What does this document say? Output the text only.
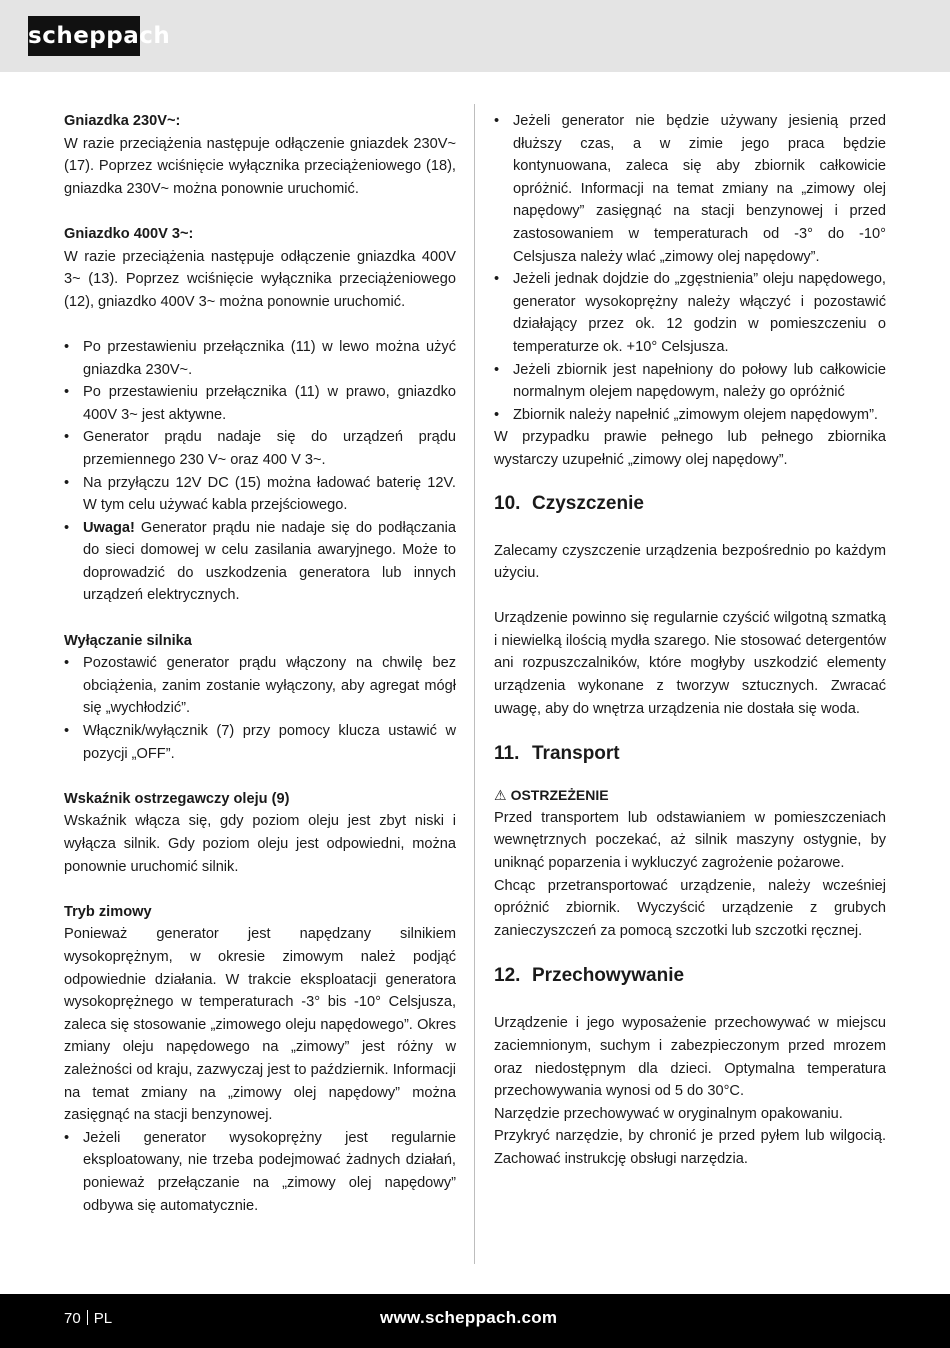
scheppach
Gniazdka 230V~:

W razie przeciążenia następuje odłączenie gniazdek 230V~ (17). Poprzez wciśnięcie wyłącznika przeciążeniowego (18), gniazdka 230V~ można ponownie uruchomić.

Gniazdko 400V 3~:

W razie przeciążenia następuje odłączenie gniazdka 400V 3~ (13). Poprzez wciśnięcie wyłącznika przeciążeniowego (12), gniazdko 400V 3~ można ponownie uruchomić.

• Po przestawieniu przełącznika (11) w lewo można użyć gniazdka 230V~.
• Po przestawieniu przełącznika (11) w prawo, gniazdko 400V 3~ jest aktywne.
• Generator prądu nadaje się do urządzeń prądu przemiennego 230 V~ oraz 400 V 3~.
• Na przyłączu 12V DC (15) można ładować baterię 12V. W tym celu używać kabla przejściowego.
• Uwaga! Generator prądu nie nadaje się do podłączania do sieci domowej w celu zasilania awaryjnego. Może to doprowadzić do uszkodzenia generatora lub innych urządzeń elektrycznych.
Wyłączanie silnika
• Pozostawić generator prądu włączony na chwilę bez obciążenia, zanim zostanie wyłączony, aby agregat mógł się „wychłodzić”.
• Włącznik/wyłącznik (7) przy pomocy klucza ustawić w pozycji „OFF”.
Wskaźnik ostrzegawczy oleju (9)

Wskaźnik włącza się, gdy poziom oleju jest zbyt niski i wyłącza silnik. Gdy poziom oleju jest odpowiedni, można ponownie uruchomić silnik.

Tryb zimowy

Ponieważ generator jest napędzany silnikiem wysokoprężnym, w okresie zimowym należ podjąć odpowiednie działania. W trakcie eksploatacji generatora wysokoprężnego w temperaturach -3° bis -10° Celsjusza, zaleca się stosowanie „zimowego oleju napędowego”. Okres zmiany oleju napędowego na „zimowy” jest różny w zależności od kraju, zazwyczaj jest to październik. Informacji na temat zmiany na „zimowy olej napędowy” można zasięgnąć na stacji benzynowej.

• Jeżeli generator wysokoprężny jest regularnie eksploatowany, nie trzeba podejmować żadnych działań, ponieważ przełączanie na „zimowy olej napędowy” odbywa się automatycznie.
• Jeżeli generator nie będzie używany jesienią przed dłuższy czas, a w zimie jego praca będzie kontynuowana, zaleca się aby zbiornik całkowicie opróżnić. Informacji na temat zmiany na „zimowy olej napędowy” zasięgnąć na stacji benzynowej i przed zastosowaniem w temperaturach od -3° do -10° Celsjusza należy wlać „zimowy olej napędowy”.
• Jeżeli jednak dojdzie do „zgęstnienia” oleju napędowego, generator wysokoprężny należy włączyć i pozostawić działający przez ok. 12 godzin w pomieszczeniu o temperaturze ok. +10° Celsjusza.
• Jeżeli zbiornik jest napełniony do połowy lub całkowicie normalnym olejem napędowym, należy go opróżnić
• Zbiornik należy napełnić „zimowym olejem napędowym”.

W przypadku prawie pełnego lub pełnego zbiornika wystarczy uzupełnić „zimowy olej napędowy”.

10. Czyszczenie

Zalecamy czyszczenie urządzenia bezpośrednio po każdym użyciu.

Urządzenie powinno się regularnie czyścić wilgotną szmatką i niewielką ilością mydła szarego. Nie stosować detergentów ani rozpuszczalników, które mogłyby uszkodzić elementy urządzenia wykonane z tworzyw sztucznych. Zwracać uwagę, aby do wnętrza urządzenia nie dostała się woda.

11. Transport
⚠ OSTRZEŻENIE

Przed transportem lub odstawianiem w pomieszczeniach wewnętrznych poczekać, aż silnik maszyny ostygnie, by uniknąć poparzenia i wykluczyć zagrożenie pożarowe.

Chcąc przetransportować urządzenie, należy wcześniej opróżnić zbiornik. Wyczyścić urządzenie z grubych zanieczyszczeń za pomocą szczotki lub szczotki ręcznej.

12. Przechowywanie

Urządzenie i jego wyposażenie przechowywać w miejscu zaciemnionym, suchym i zabezpieczonym przed mrozem oraz niedostępnym dla dzieci. Optymalna temperatura przechowywania wynosi od 5 do 30°C.

Narzędzie przechowywać w oryginalnym opakowaniu.

Przykryć narzędzie, by chronić je przed pyłem lub wilgocią. Zachować instrukcję obsługi narzędzia.

70 PL	www.scheppach.com
